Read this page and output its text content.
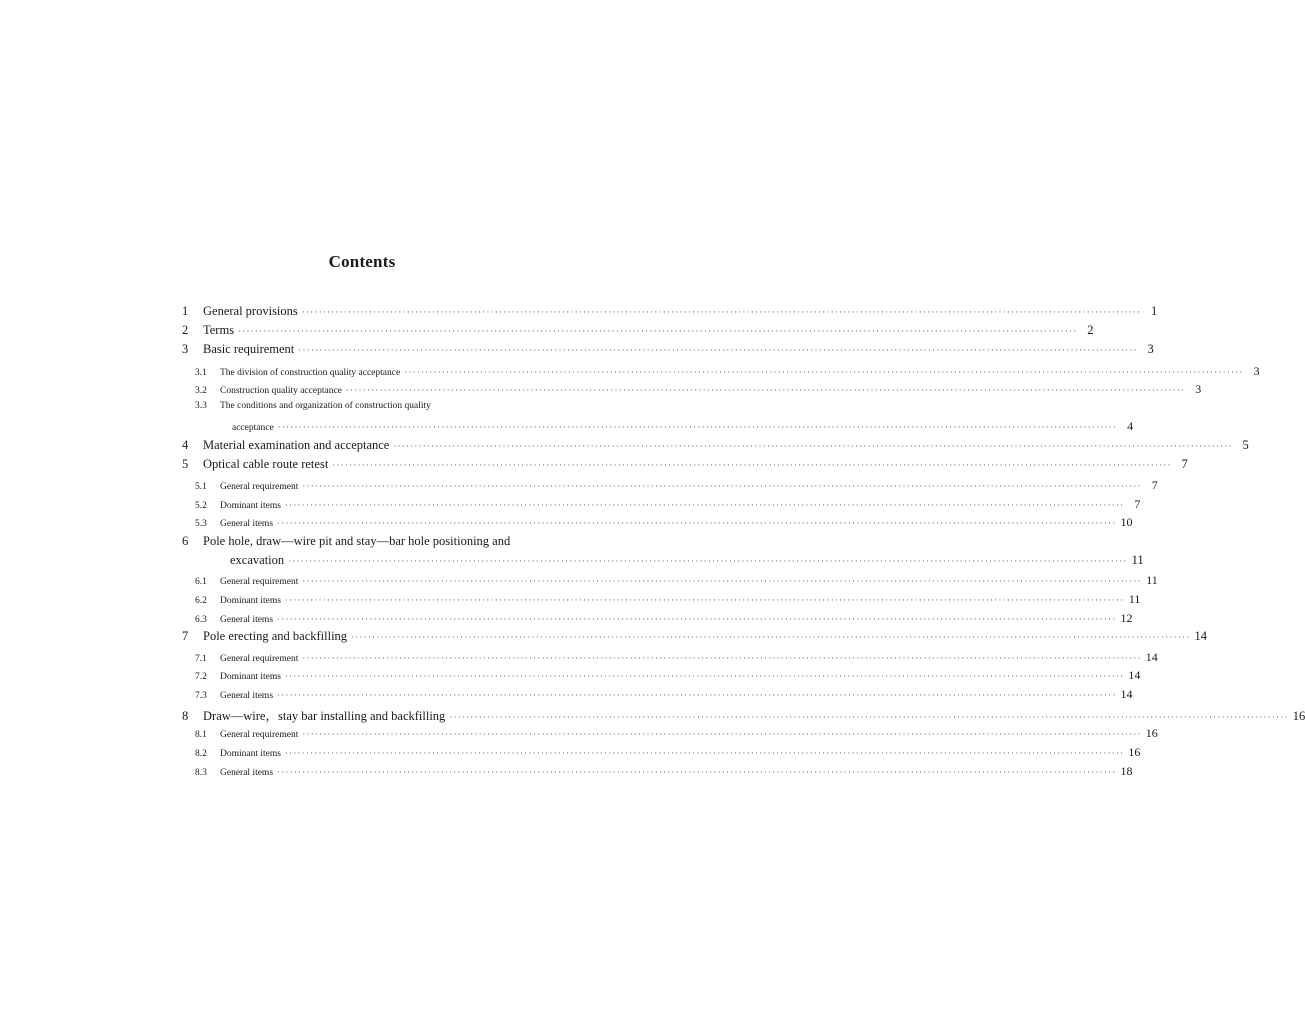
Contents
1	General provisions ········································································································································································································ 1
2	Terms ········································································································································································································ 2
3	Basic requirement ········································································································································································································ 3
3.1	The division of construction quality acceptance ········································································································································································································ 3
3.2	Construction quality acceptance ········································································································································································································ 3
3.3	The conditions and organization of construction quality
acceptance ········································································································································································································ 4
4	Material examination and acceptance ········································································································································································································ 5
5	Optical cable route retest ········································································································································································································ 7
5.1	General requirement ········································································································································································································ 7
5.2	Dominant items ········································································································································································································ 7
5.3	General items ········································································································································································································ 10
6	Pole hole, draw—wire pit and stay—bar hole positioning and
excavation ········································································································································································································ 11
6.1	General requirement ········································································································································································································ 11
6.2	Dominant items ········································································································································································································ 11
6.3	General items ········································································································································································································ 12
7	Pole erecting and backfilling ········································································································································································································ 14
7.1	General requirement ········································································································································································································ 14
7.2	Dominant items ········································································································································································································ 14
7.3	General items ········································································································································································································ 14
8	Draw—wire，stay bar installing and backfilling ········································································································································································································ 16
8.1	General requirement ········································································································································································································ 16
8.2	Dominant items ········································································································································································································ 16
8.3	General items ········································································································································································································ 18
